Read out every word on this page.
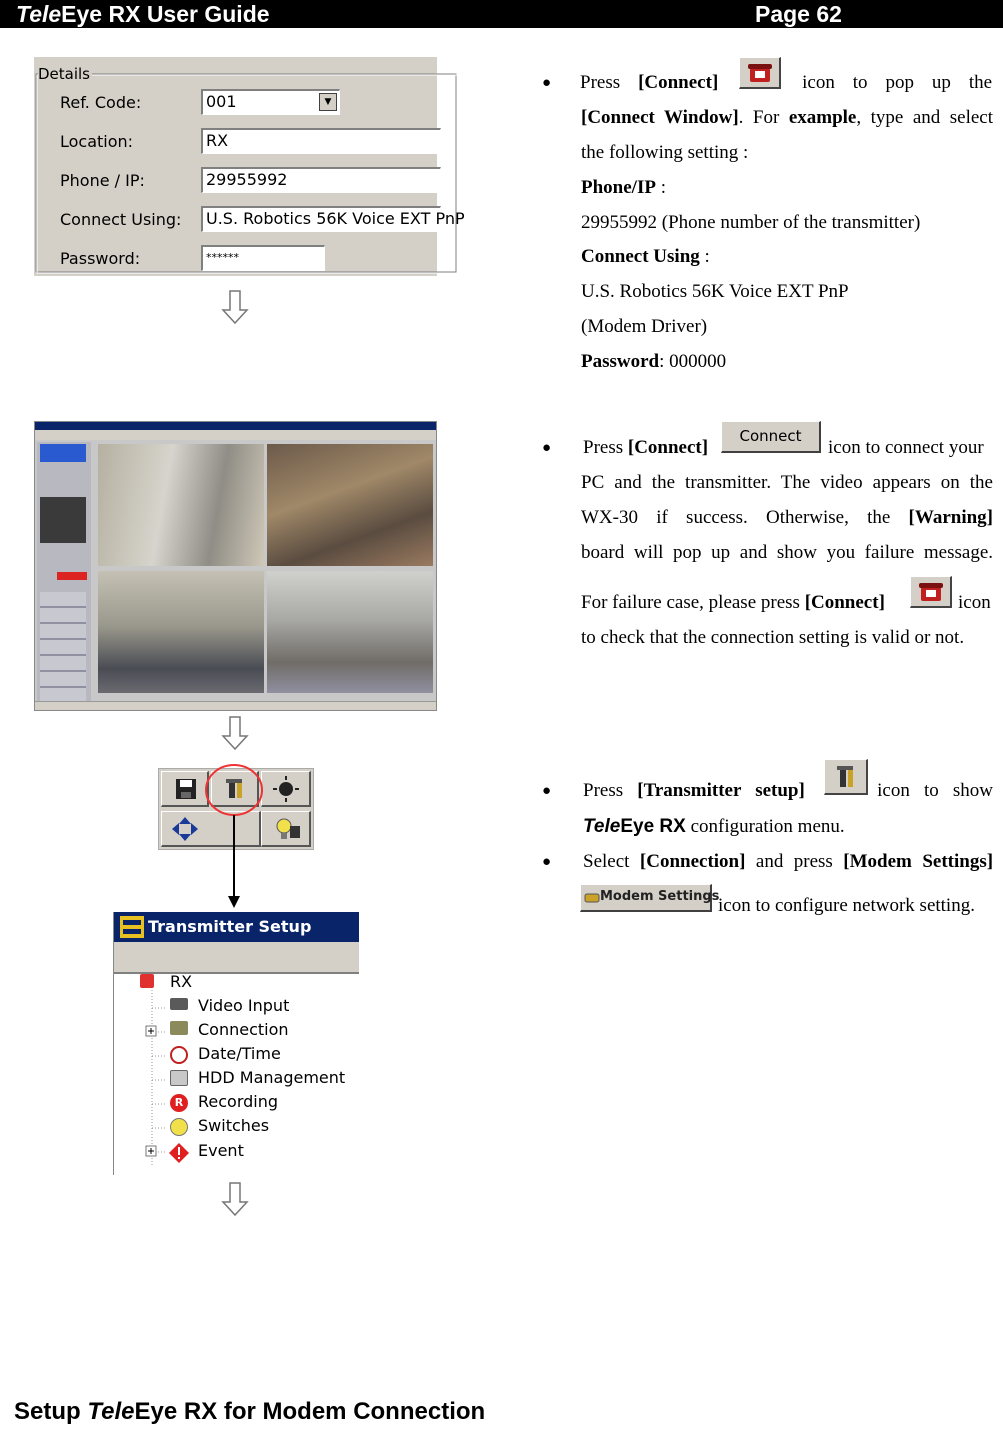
TeleEye RX User Guide	Page 62
Details
Ref. Code:	001	▼
Location:	RX
Phone / IP:	29955992
Connect Using:	U.S. Robotics 56K Voice EXT PnP
Password:	******
Transmitter Setup
RX
Video Input
Connection
Date/Time
HDD Management
R Recording
Switches
Event
● Press [Connect]	icon to pop up the
[Connect Window]. For example, type and select
the following setting :
Phone/IP :
29955992 (Phone number of the transmitter)
Connect Using :
U.S. Robotics 56K Voice EXT PnP
(Modem Driver)
Password: 000000
● Press [Connect]
Connect
icon to connect your
PC and the transmitter. The video appears on the
WX-30 if success. Otherwise, the [Warning]
board will pop up and show you failure message.
For failure case, please press [Connect]	icon
to check that the connection setting is valid or not.
● Press [Transmitter setup]	icon to show
TeleEye RX configuration menu.
● Select [Connection] and press [Modem Settings]
Modem Settings
icon to configure network setting.
Setup TeleEye RX for Modem Connection
